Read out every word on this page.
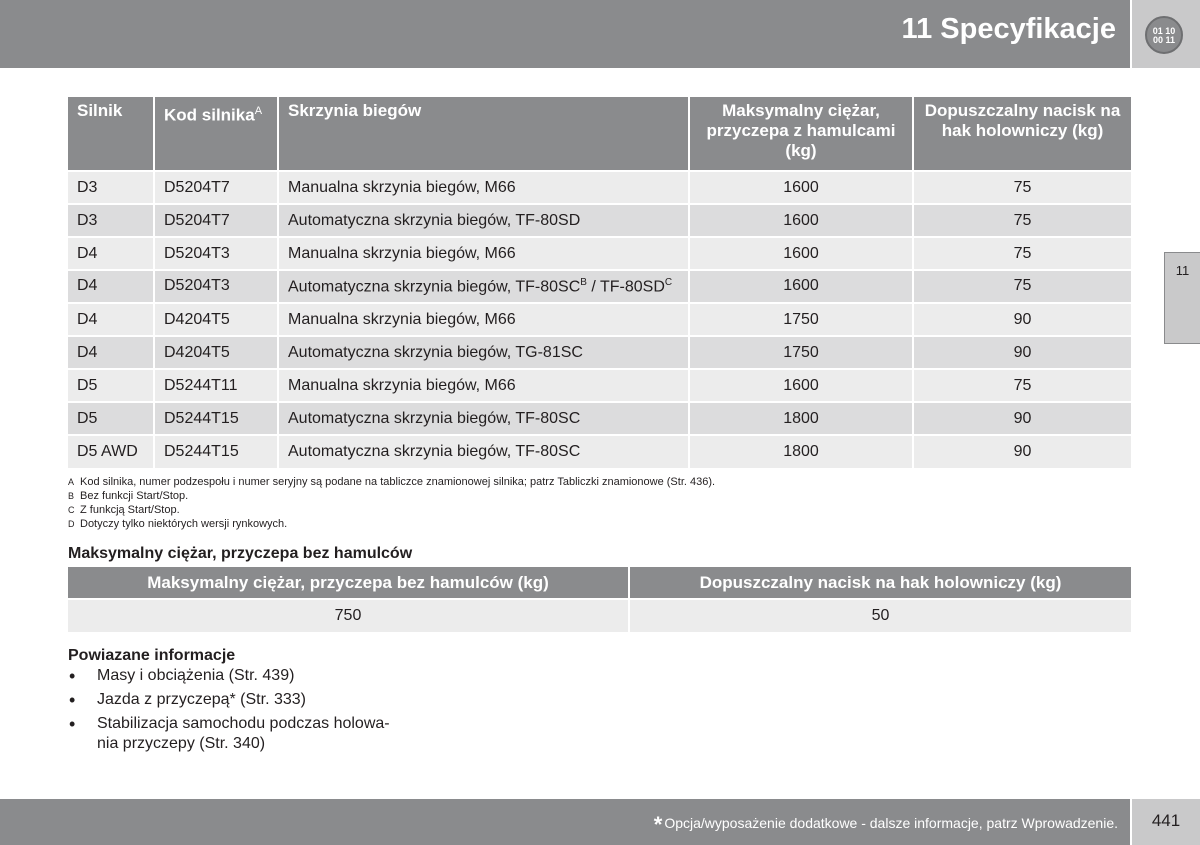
11 Specyfikacje	01 10
00 11
11
Silnik	Kod silnika$^A$	Skrzynia biegów	Maksymalny ciężar, przyczepa z hamulcami (kg)	Dopuszczalny nacisk na hak holowniczy (kg)
D3	D5204T7	Manualna skrzynia biegów, M66	1600	75
D3	D5204T7	Automatyczna skrzynia biegów, TF-80SD	1600	75
D4	D5204T3	Manualna skrzynia biegów, M66	1600	75
D4	D5204T3	Automatyczna skrzynia biegów, $TF-80SC^B / TF-80SD^C$	1600	75
D4	D4204T5	Manualna skrzynia biegów, M66	1750	90
D4	D4204T5	Automatyczna skrzynia biegów, TG-81SC	1750	90
D5	D5244T11	Manualna skrzynia biegów, M66	1600	75
D5	D5244T15	Automatyczna skrzynia biegów, TF-80SC	1800	90
D5 AWD	D5244T15	Automatyczna skrzynia biegów, TF-80SC	1800	90
A Kod silnika, numer podzespołu i numer seryjny są podane na tabliczce znamionowej silnika; patrz Tabliczki znamionowe (Str. 436).
B Bez funkcji Start/Stop.
C Z funkcją Start/Stop.
D Dotyczy tylko niektórych wersji rynkowych.
Maksymalny ciężar, przyczepa bez hamulców
Maksymalny ciężar, przyczepa bez hamulców (kg)	Dopuszczalny nacisk na hak holowniczy (kg)
750	50
Powiazane informacje
• Masy i obciążenia (Str. 439)
• Jazda z przyczepą* (Str. 333)
• Stabilizacja samochodu podczas holowa-
nia przyczepy (Str. 340)
* Opcja/wyposażenie dodatkowe - dalsze informacje, patrz Wprowadzenie.	441
